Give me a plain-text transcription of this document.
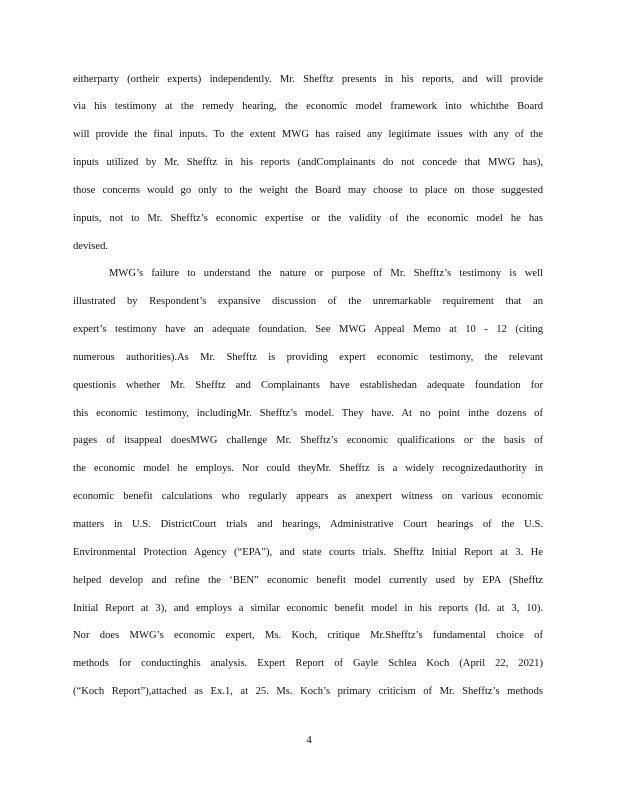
eitherparty (ortheir experts) independently. Mr. Shefftz presents in his reports, and will provide
via his testimony at the remedy hearing, the economic model framework into whichthe Board
will provide the final inputs. To the extent MWG has raised any legitimate issues with any of the
inputs utilized by Mr. Shefftz in his reports (andComplainants do not concede that MWG has),
those concerns would go only to the weight the Board may choose to place on those suggested
inputs, not to Mr. Shefftz’s economic expertise or the validity of the economic model he has
devised.
MWG’s failure to understand the nature or purpose of Mr. Shefftz’s testimony is well
illustrated by Respondent’s expansive discussion of the unremarkable requirement that an
expert’s testimony have an adequate foundation. See MWG Appeal Memo at 10 - 12 (citing
numerous authorities).As Mr. Shefftz is providing expert economic testimony, the relevant
questionis whether Mr. Shefftz and Complainants have establishedan adequate foundation for
this economic testimony, includingMr. Shefftz’s model. They have. At no point inthe dozens of
pages of itsappeal doesMWG challenge Mr. Shefftz’s economic qualifications or the basis of
the economic model he employs. Nor could theyMr. Shefftz is a widely recognizedauthority in
economic benefit calculations who regularly appears as anexpert witness on various economic
matters in U.S. DistrictCourt trials and hearings, Administrative Court hearings of the U.S.
Environmental Protection Agency (“EPA”), and state courts trials. Shefftz Initial Report at 3. He
helped develop and refine the ‘BEN” economic benefit model currently used by EPA (Shefftz
Initial Report at 3), and employs a similar economic benefit model in his reports (Id. at 3, 10).
Nor does MWG’s economic expert, Ms. Koch, critique Mr.Shefftz’s fundamental choice of
methods for conductinghis analysis. Expert Report of Gayle Schlea Koch (April 22, 2021)
(“Koch Report”),attached as Ex.1, at 25. Ms. Koch’s primary criticism of Mr. Shefftz’s methods
4
